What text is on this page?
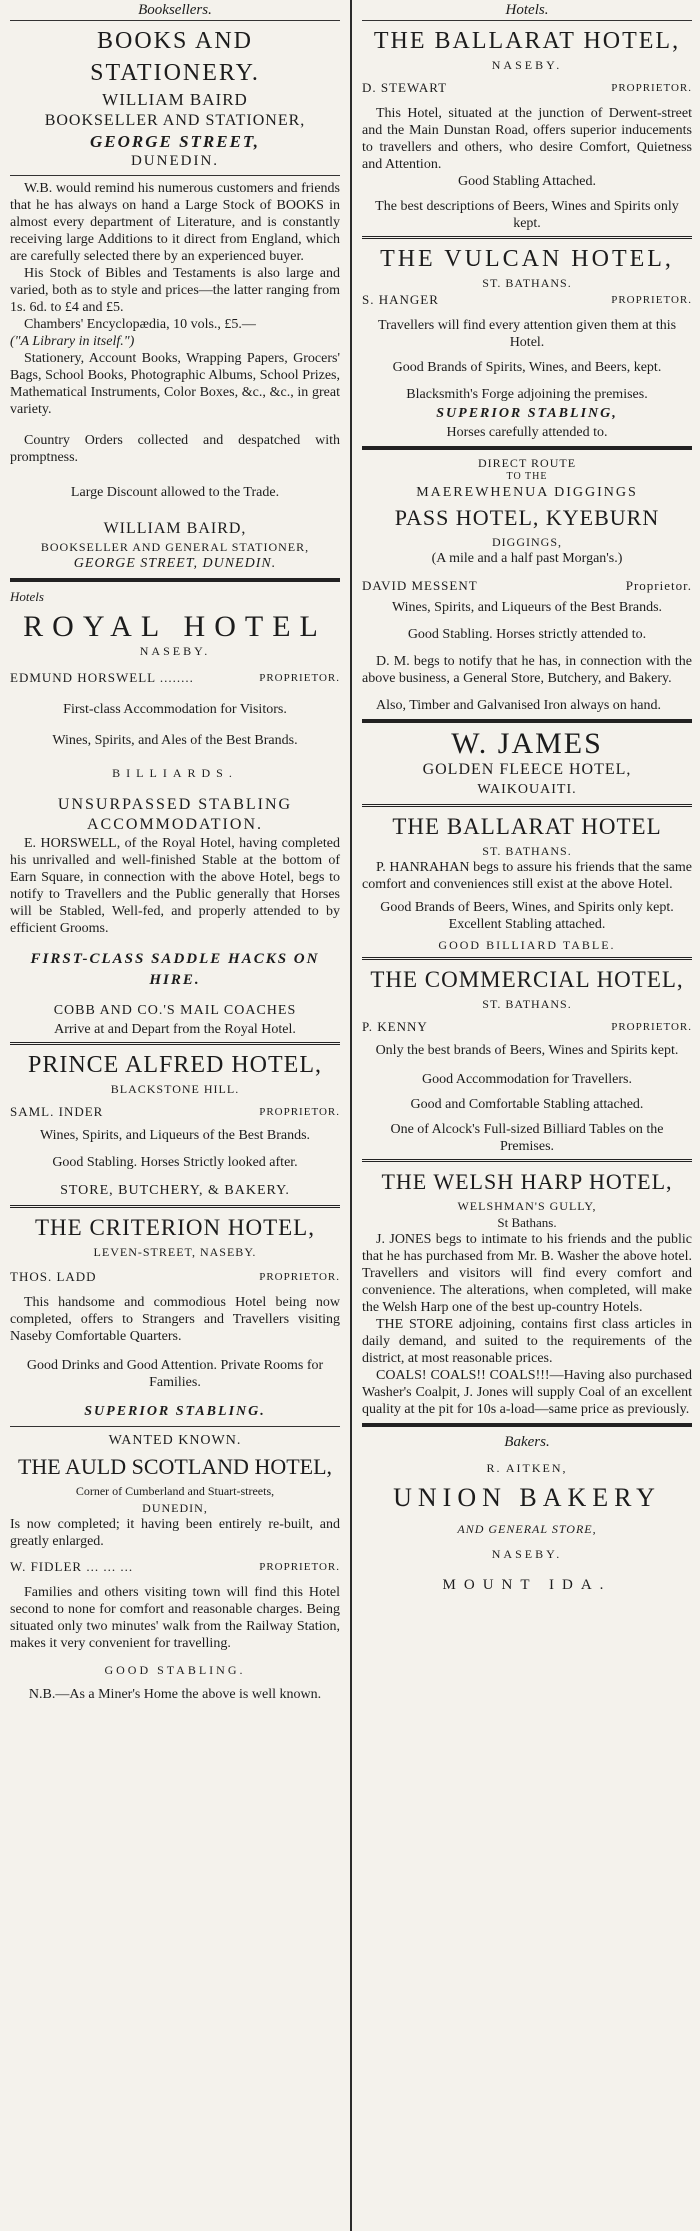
Booksellers.

BOOKS AND STATIONERY.

WILLIAM BAIRD

BOOKSELLER AND STATIONER,

GEORGE STREET,

DUNEDIN.

W.B. would remind his numerous customers and friends that he has always on hand a Large Stock of BOOKS in almost every department of Literature, and is constantly receiving large Additions to it direct from England, which are carefully selected there by an experienced buyer.

His Stock of Bibles and Testaments is also large and varied, both as to style and prices—the latter ranging from 1s. 6d. to £4 and £5.

Chambers' Encyclopædia, 10 vols., £5.—

("A Library in itself.")

Stationery, Account Books, Wrapping Papers, Grocers' Bags, School Books, Photographic Albums, School Prizes, Mathematical Instruments, Color Boxes, &c., &c., in great variety.

Country Orders collected and despatched with promptness.

Large Discount allowed to the Trade.

WILLIAM BAIRD,

BOOKSELLER AND GENERAL STATIONER,

GEORGE STREET, DUNEDIN.

Hotels

ROYAL HOTEL

NASEBY.

EDMUND HORSWELL ........	PROPRIETOR.

First-class Accommodation for Visitors.

Wines, Spirits, and Ales of the Best Brands.

BILLIARDS.

UNSURPASSED STABLING ACCOMMODATION.

E. HORSWELL, of the Royal Hotel, having completed his unrivalled and well-finished Stable at the bottom of Earn Square, in connection with the above Hotel, begs to notify to Travellers and the Public generally that Horses will be Stabled, Well-fed, and properly attended to by efficient Grooms.

FIRST-CLASS SADDLE HACKS ON HIRE.

COBB AND CO.'S MAIL COACHES

Arrive at and Depart from the Royal Hotel.

PRINCE ALFRED HOTEL,

BLACKSTONE HILL.

SAML. INDER	PROPRIETOR.

Wines, Spirits, and Liqueurs of the Best Brands.

Good Stabling. Horses Strictly looked after.

STORE, BUTCHERY, & BAKERY.

THE CRITERION HOTEL,

LEVEN-STREET, NASEBY.

THOS. LADD	PROPRIETOR.

This handsome and commodious Hotel being now completed, offers to Strangers and Travellers visiting Naseby Comfortable Quarters.

Good Drinks and Good Attention. Private Rooms for Families.

SUPERIOR STABLING.

WANTED KNOWN.

THE AULD SCOTLAND HOTEL,

Corner of Cumberland and Stuart-streets,

DUNEDIN,

Is now completed; it having been entirely re-built, and greatly enlarged.

W. FIDLER ... ... ...	PROPRIETOR.

Families and others visiting town will find this Hotel second to none for comfort and reasonable charges. Being situated only two minutes' walk from the Railway Station, makes it very convenient for travelling.

GOOD STABLING.

N.B.—As a Miner's Home the above is well known.

Hotels.

THE BALLARAT HOTEL,

NASEBY.

D. STEWART	PROPRIETOR.

This Hotel, situated at the junction of Derwent-street and the Main Dunstan Road, offers superior inducements to travellers and others, who desire Comfort, Quietness and Attention.

Good Stabling Attached.

The best descriptions of Beers, Wines and Spirits only kept.

THE VULCAN HOTEL,

ST. BATHANS.

S. HANGER	PROPRIETOR.

Travellers will find every attention given them at this Hotel.

Good Brands of Spirits, Wines, and Beers, kept.

Blacksmith's Forge adjoining the premises.

SUPERIOR STABLING,

Horses carefully attended to.

DIRECT ROUTE

TO THE

MAEREWHENUA DIGGINGS

PASS HOTEL, KYEBURN

DIGGINGS,

(A mile and a half past Morgan's.)

DAVID MESSENT	Proprietor.

Wines, Spirits, and Liqueurs of the Best Brands.

Good Stabling. Horses strictly attended to.

D. M. begs to notify that he has, in connection with the above business, a General Store, Butchery, and Bakery.

Also, Timber and Galvanised Iron always on hand.

W. JAMES

GOLDEN FLEECE HOTEL,

WAIKOUAITI.

THE BALLARAT HOTEL

ST. BATHANS.

P. HANRAHAN begs to assure his friends that the same comfort and conveniences still exist at the above Hotel.

Good Brands of Beers, Wines, and Spirits only kept.

Excellent Stabling attached.

GOOD BILLIARD TABLE.

THE COMMERCIAL HOTEL,

ST. BATHANS.

P. KENNY	PROPRIETOR.

Only the best brands of Beers, Wines and Spirits kept.

Good Accommodation for Travellers.

Good and Comfortable Stabling attached.

One of Alcock's Full-sized Billiard Tables on the Premises.

THE WELSH HARP HOTEL,

WELSHMAN'S GULLY,

St Bathans.

J. JONES begs to intimate to his friends and the public that he has purchased from Mr. B. Washer the above hotel. Travellers and visitors will find every comfort and convenience. The alterations, when completed, will make the Welsh Harp one of the best up-country Hotels.

THE STORE adjoining, contains first class articles in daily demand, and suited to the requirements of the district, at most reasonable prices.

COALS! COALS!! COALS!!!—Having also purchased Washer's Coalpit, J. Jones will supply Coal of an excellent quality at the pit for 10s a-load—same price as previously.

Bakers.

R. AITKEN,

UNION BAKERY

AND GENERAL STORE,

NASEBY.

MOUNT IDA.
